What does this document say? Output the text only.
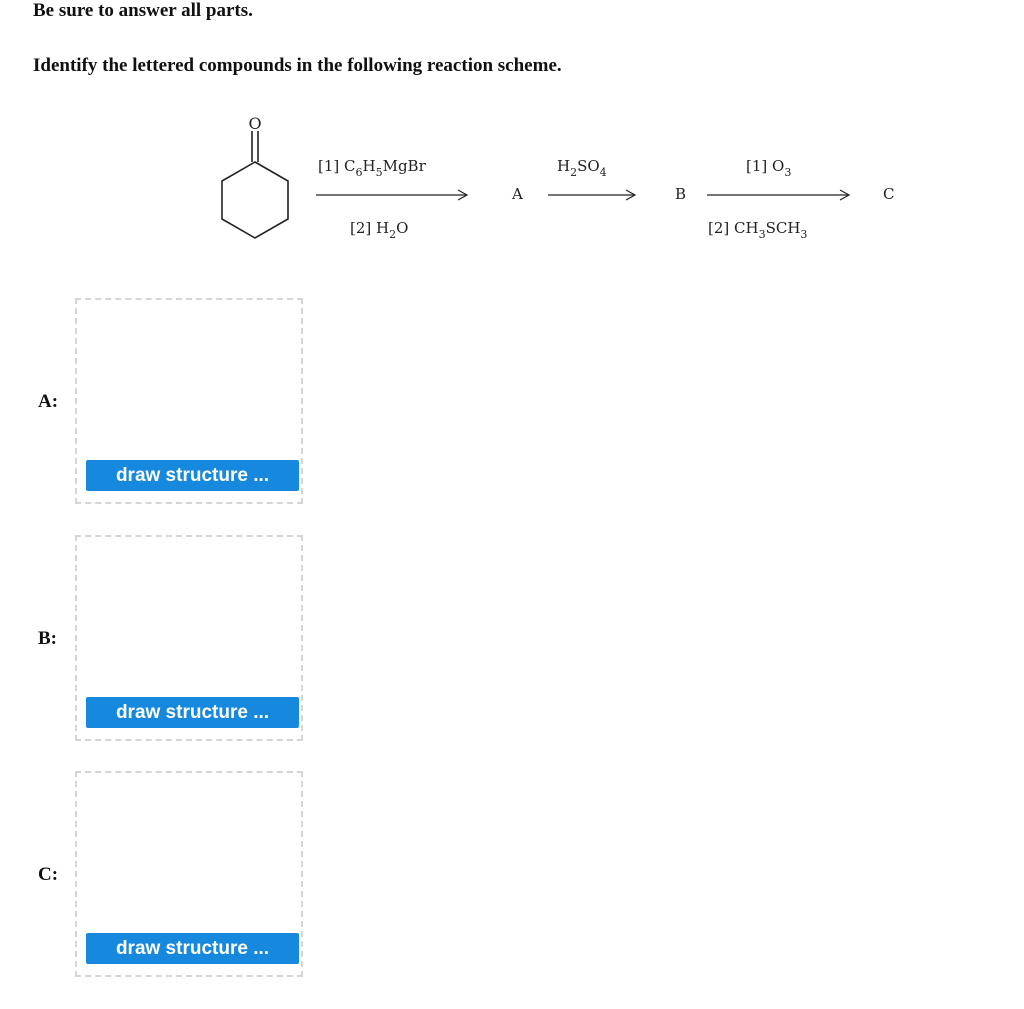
Be sure to answer all parts.

Identify the lettered compounds in the following reaction scheme.

O
[1] $C_6H_5MgBr$
[2] $H_2O$
A
$H_2SO_4$
B
[1] $O_3$
[2] $CH_3SCH_3$
C
A:
draw structure ...
B:
draw structure ...
C:
draw structure ...
